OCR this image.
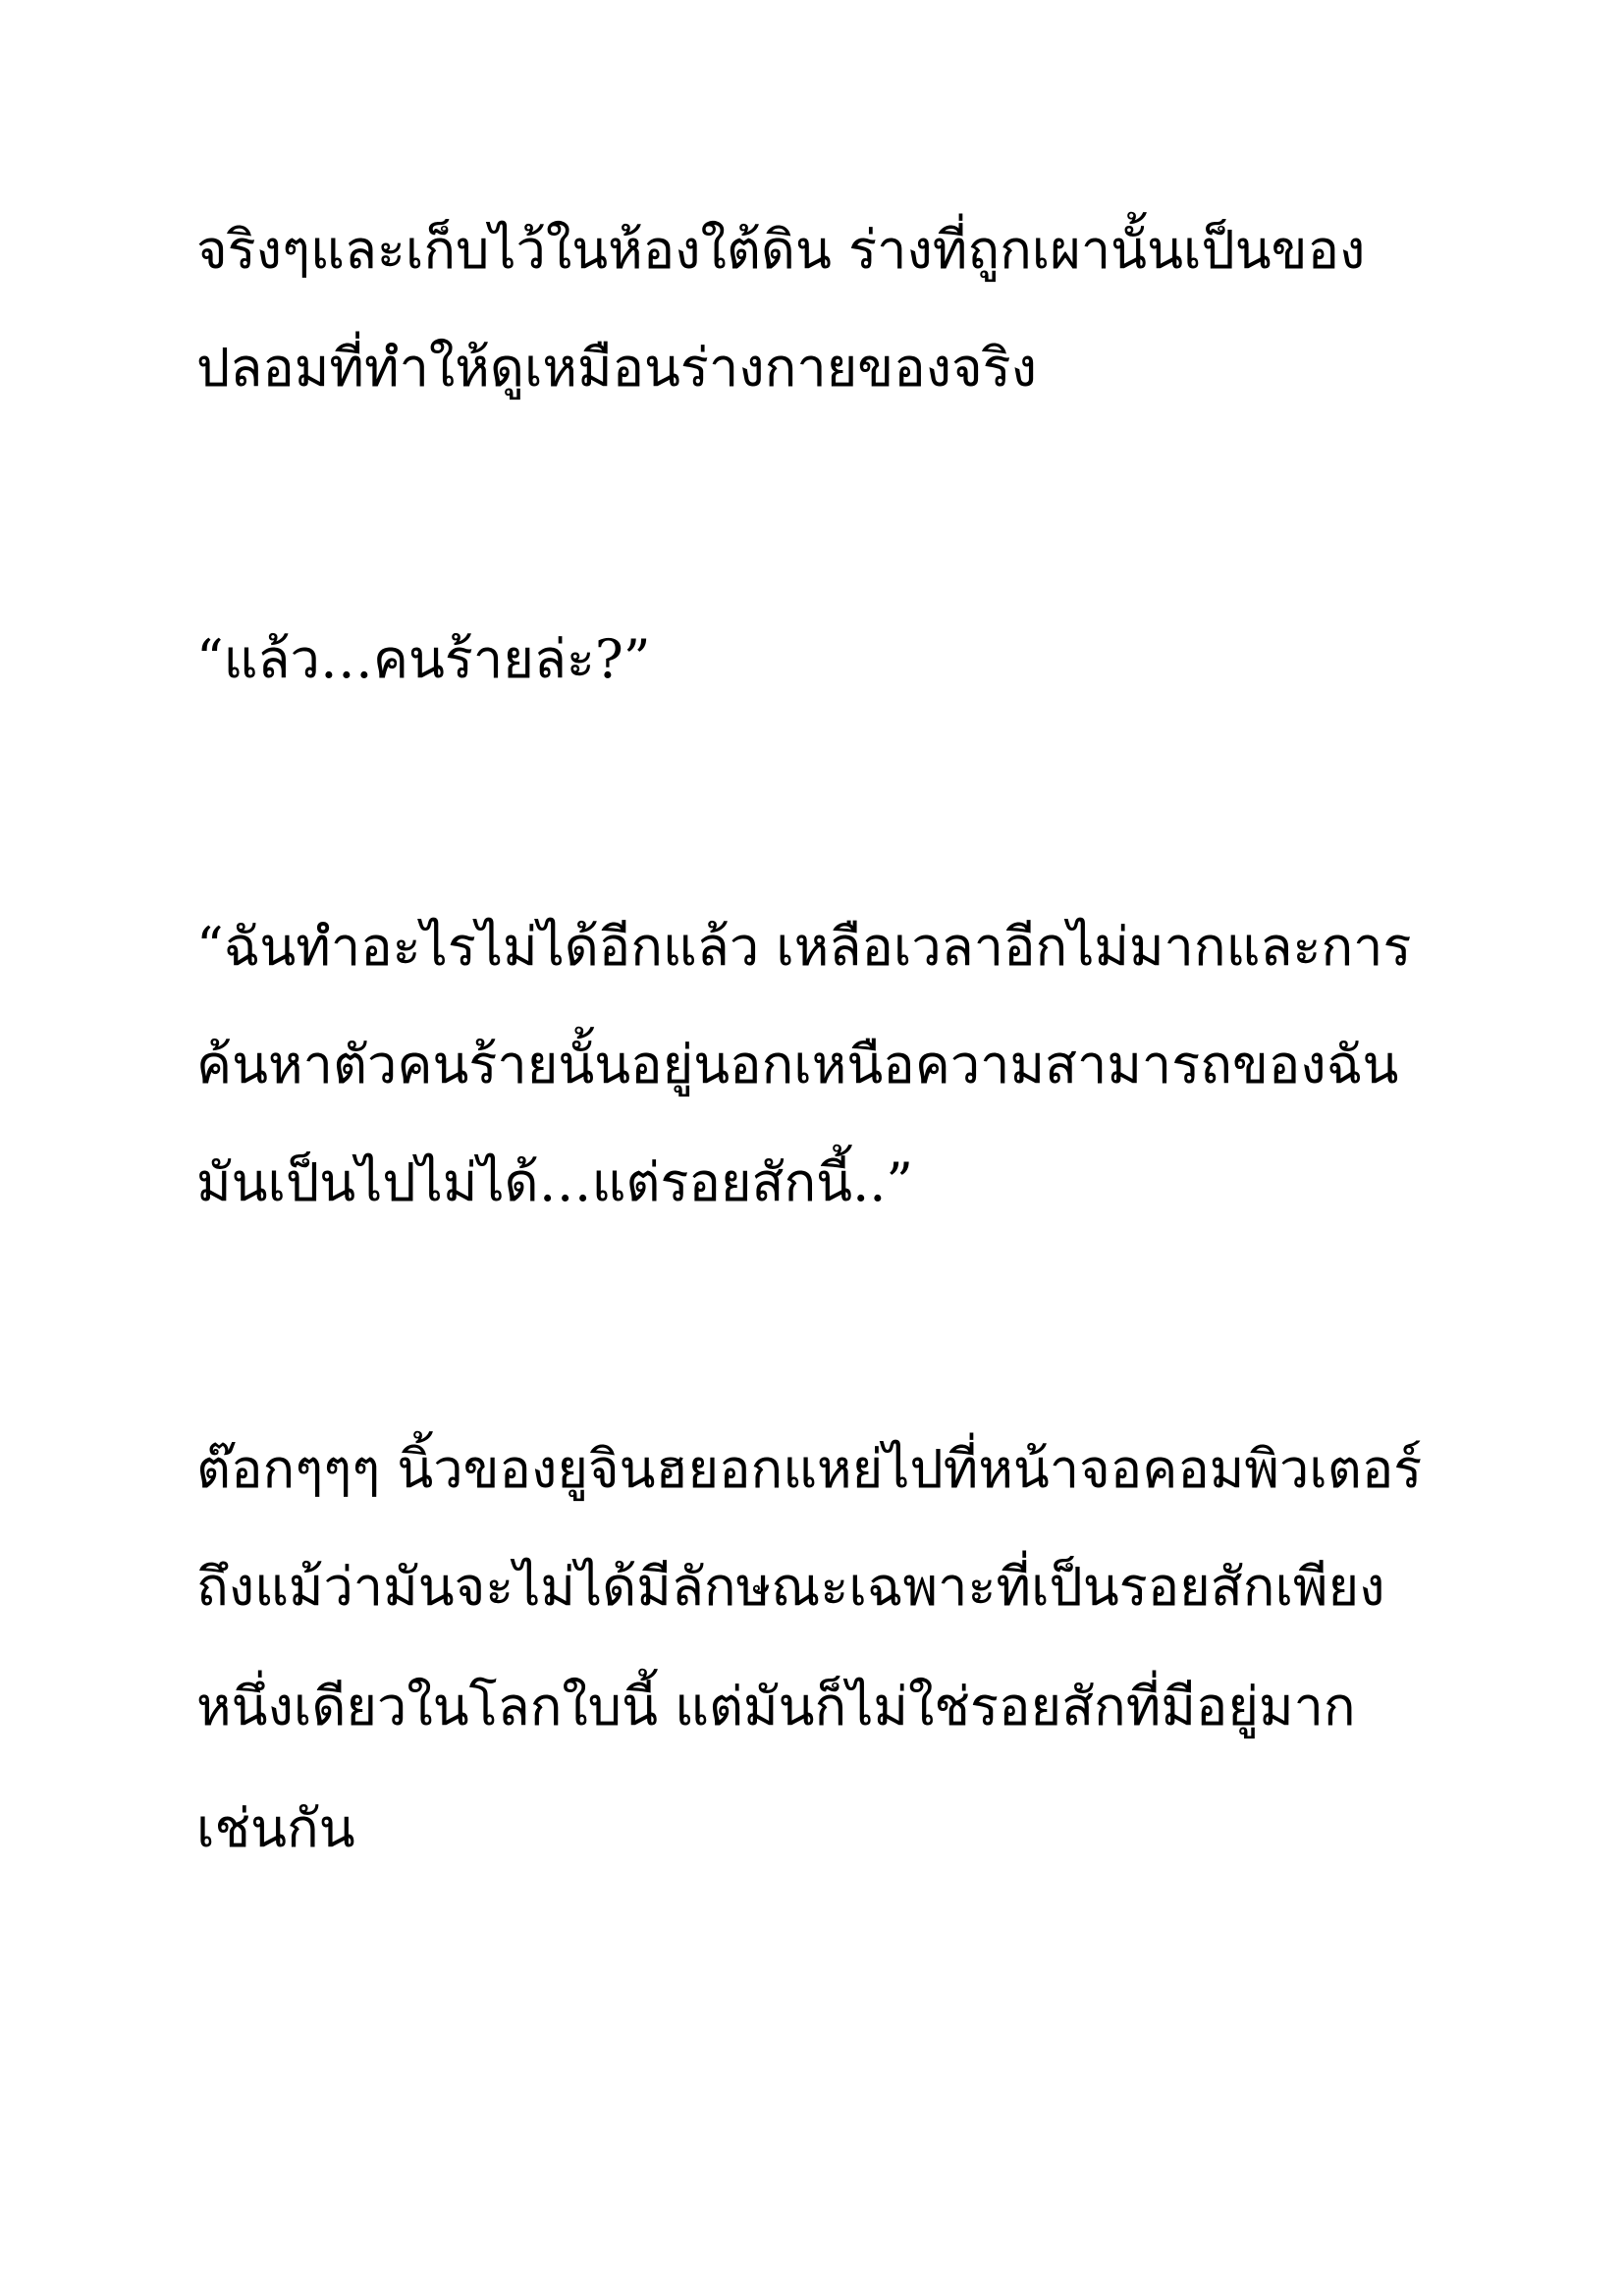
จริงๆและเก็บไว้ในห้องใต้ดิน ร่างที่ถูกเผานั้นเป็นของ
ปลอมที่ทำให้ดูเหมือนร่างกายของจริง
“แล้ว…คนร้ายล่ะ?”
“ฉันทำอะไรไม่ได้อีกแล้ว เหลือเวลาอีกไม่มากและการ
ค้นหาตัวคนร้ายนั้นอยู่นอกเหนือความสามารถของฉัน
มันเป็นไปไม่ได้…แต่รอยสักนี้..”
ต๊อกๆๆๆ นิ้วของยูจินฮยอกแหย่ไปที่หน้าจอคอมพิวเตอร์
ถึงแม้ว่ามันจะไม่ได้มีลักษณะเฉพาะที่เป็นรอยสักเพียง
หนึ่งเดียวในโลกใบนี้ แต่มันก็ไม่ใช่รอยสักที่มีอยู่มาก
เช่นกัน
